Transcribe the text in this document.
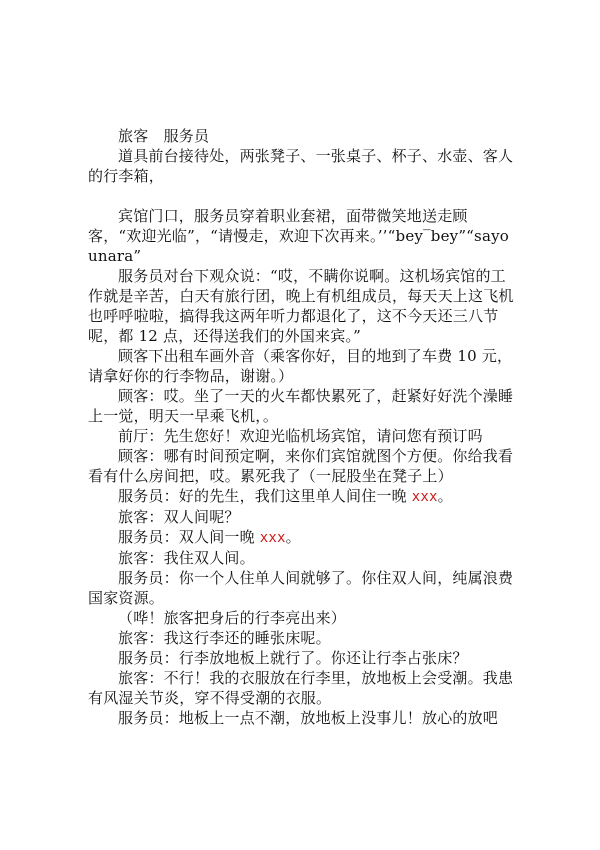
旅客　服务员

道具前台接待处，两张凳子、一张桌子、杯子、水壶、客人的行李箱，

宾馆门口，服务员穿着职业套裙，面带微笑地送走顾客，“欢迎光临”，“请慢走，欢迎下次再来。’’“bey‾bey”“sayounara”

服务员对台下观众说：“哎，不瞒你说啊。这机场宾馆的工作就是辛苦，白天有旅行团，晚上有机组成员，每天天上这飞机也呼呼啦啦，搞得我这两年听力都退化了，这不今天还三八节呢，都 12 点，还得送我们的外国来宾。”

顾客下出租车画外音（乘客你好，目的地到了车费 10 元，请拿好你的行李物品，谢谢。）

顾客：哎。坐了一天的火车都快累死了，赶紧好好洗个澡睡上一觉，明天一早乘飞机，。

前厅：先生您好！欢迎光临机场宾馆，请问您有预订吗

顾客：哪有时间预定啊，来你们宾馆就图个方便。你给我看看有什么房间把，哎。累死我了（一屁股坐在凳子上）

服务员：好的先生，我们这里单人间住一晚 xxx。

旅客：双人间呢？

服务员：双人间一晚 xxx。

旅客：我住双人间。

服务员：你一个人住单人间就够了。你住双人间，纯属浪费国家资源。

（哗！旅客把身后的行李亮出来）

旅客：我这行李还的睡张床呢。

服务员：行李放地板上就行了。你还让行李占张床？

旅客：不行！我的衣服放在行李里，放地板上会受潮。我患有风湿关节炎，穿不得受潮的衣服。

服务员：地板上一点不潮，放地板上没事儿！放心的放吧
